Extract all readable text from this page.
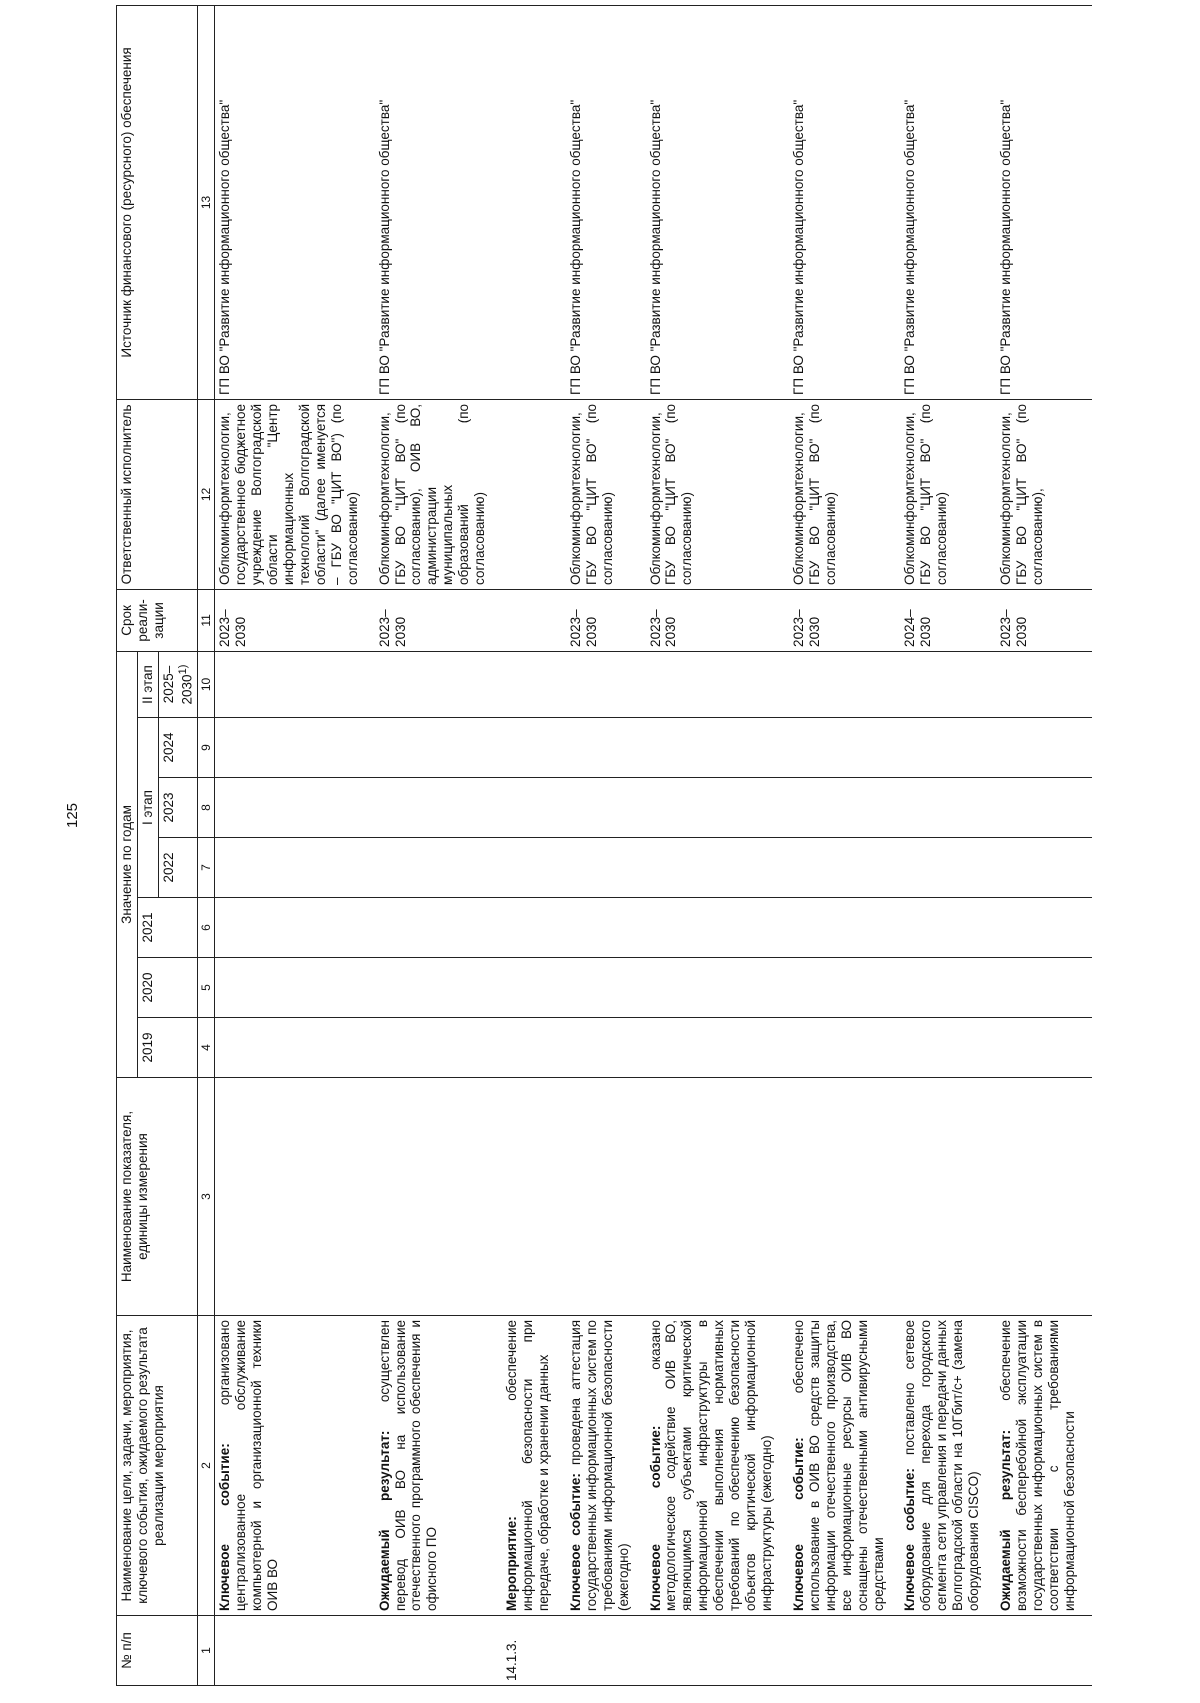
125
№ п/п	Наименование цели, задачи, мероприятия, ключевого события, ожидаемого результата реализации мероприятия	Наименование показателя, единицы измерения	Значение по годам							Срок реали-зации	Ответственный исполнитель	Источник финансового (ресурсного) обеспечения
			2019	2020	2021	I этап			II этап			
						2022	2023	2024	2025–2030$^{1)}$
1	2	3	4	5	6	7	8	9	10	11	12	13
	Ключевое событие: организовано централизованное обслуживание компьютерной и организационной техники ОИВ ВО									2023–2030	Облкоминформтехнологии, государственное бюджетное учреждение Волгоградской области "Центр информационных технологий Волгоградской области" (далее именуется – ГБУ ВО "ЦИТ ВО") (по согласованию)	ГП ВО "Развитие информационного общества"
	Ожидаемый результат: осуществлен перевод ОИВ ВО на использование отечественного программного обеспечения и офисного ПО									2023–2030	Облкоминформтехнологии, ГБУ ВО "ЦИТ ВО" (по согласованию), ОИВ ВО, администрации муниципальных образований (по согласованию)	ГП ВО "Развитие информационного общества"
14.1.3.	Мероприятие: обеспечение информационной безопасности при передаче, обработке и хранении данных											
	Ключевое событие: проведена аттестация государственных информационных систем по требованиям информационной безопасности (ежегодно)									2023–2030	Облкоминформтехнологии, ГБУ ВО "ЦИТ ВО" (по согласованию)	ГП ВО "Развитие информационного общества"
	Ключевое событие: оказано методологическое содействие ОИВ ВО, являющимся субъектами критической информационной инфраструктуры в обеспечении выполнения нормативных требований по обеспечению безопасности объектов критической информационной инфраструктуры (ежегодно)									2023–2030	Облкоминформтехнологии, ГБУ ВО "ЦИТ ВО" (по согласованию)	ГП ВО "Развитие информационного общества"
	Ключевое событие: обеспечено использование в ОИВ ВО средств защиты информации отечественного производства, все информационные ресурсы ОИВ ВО оснащены отечественными антивирусными средствами									2023–2030	Облкоминформтехнологии, ГБУ ВО "ЦИТ ВО" (по согласованию)	ГП ВО "Развитие информационного общества"
	Ключевое событие: поставлено сетевое оборудование для перехода городского сегмента сети управления и передачи данных Волгоградской области на 10Гбит/с+ (замена оборудования CISCO)									2024–2030	Облкоминформтехнологии, ГБУ ВО "ЦИТ ВО" (по согласованию)	ГП ВО "Развитие информационного общества"
	Ожидаемый результат: обеспечение возможности бесперебойной эксплуатации государственных информационных систем в соответствии с требованиями информационной безопасности									2023–2030	Облкоминформтехнологии, ГБУ ВО "ЦИТ ВО" (по согласованию),	ГП ВО "Развитие информационного общества"
